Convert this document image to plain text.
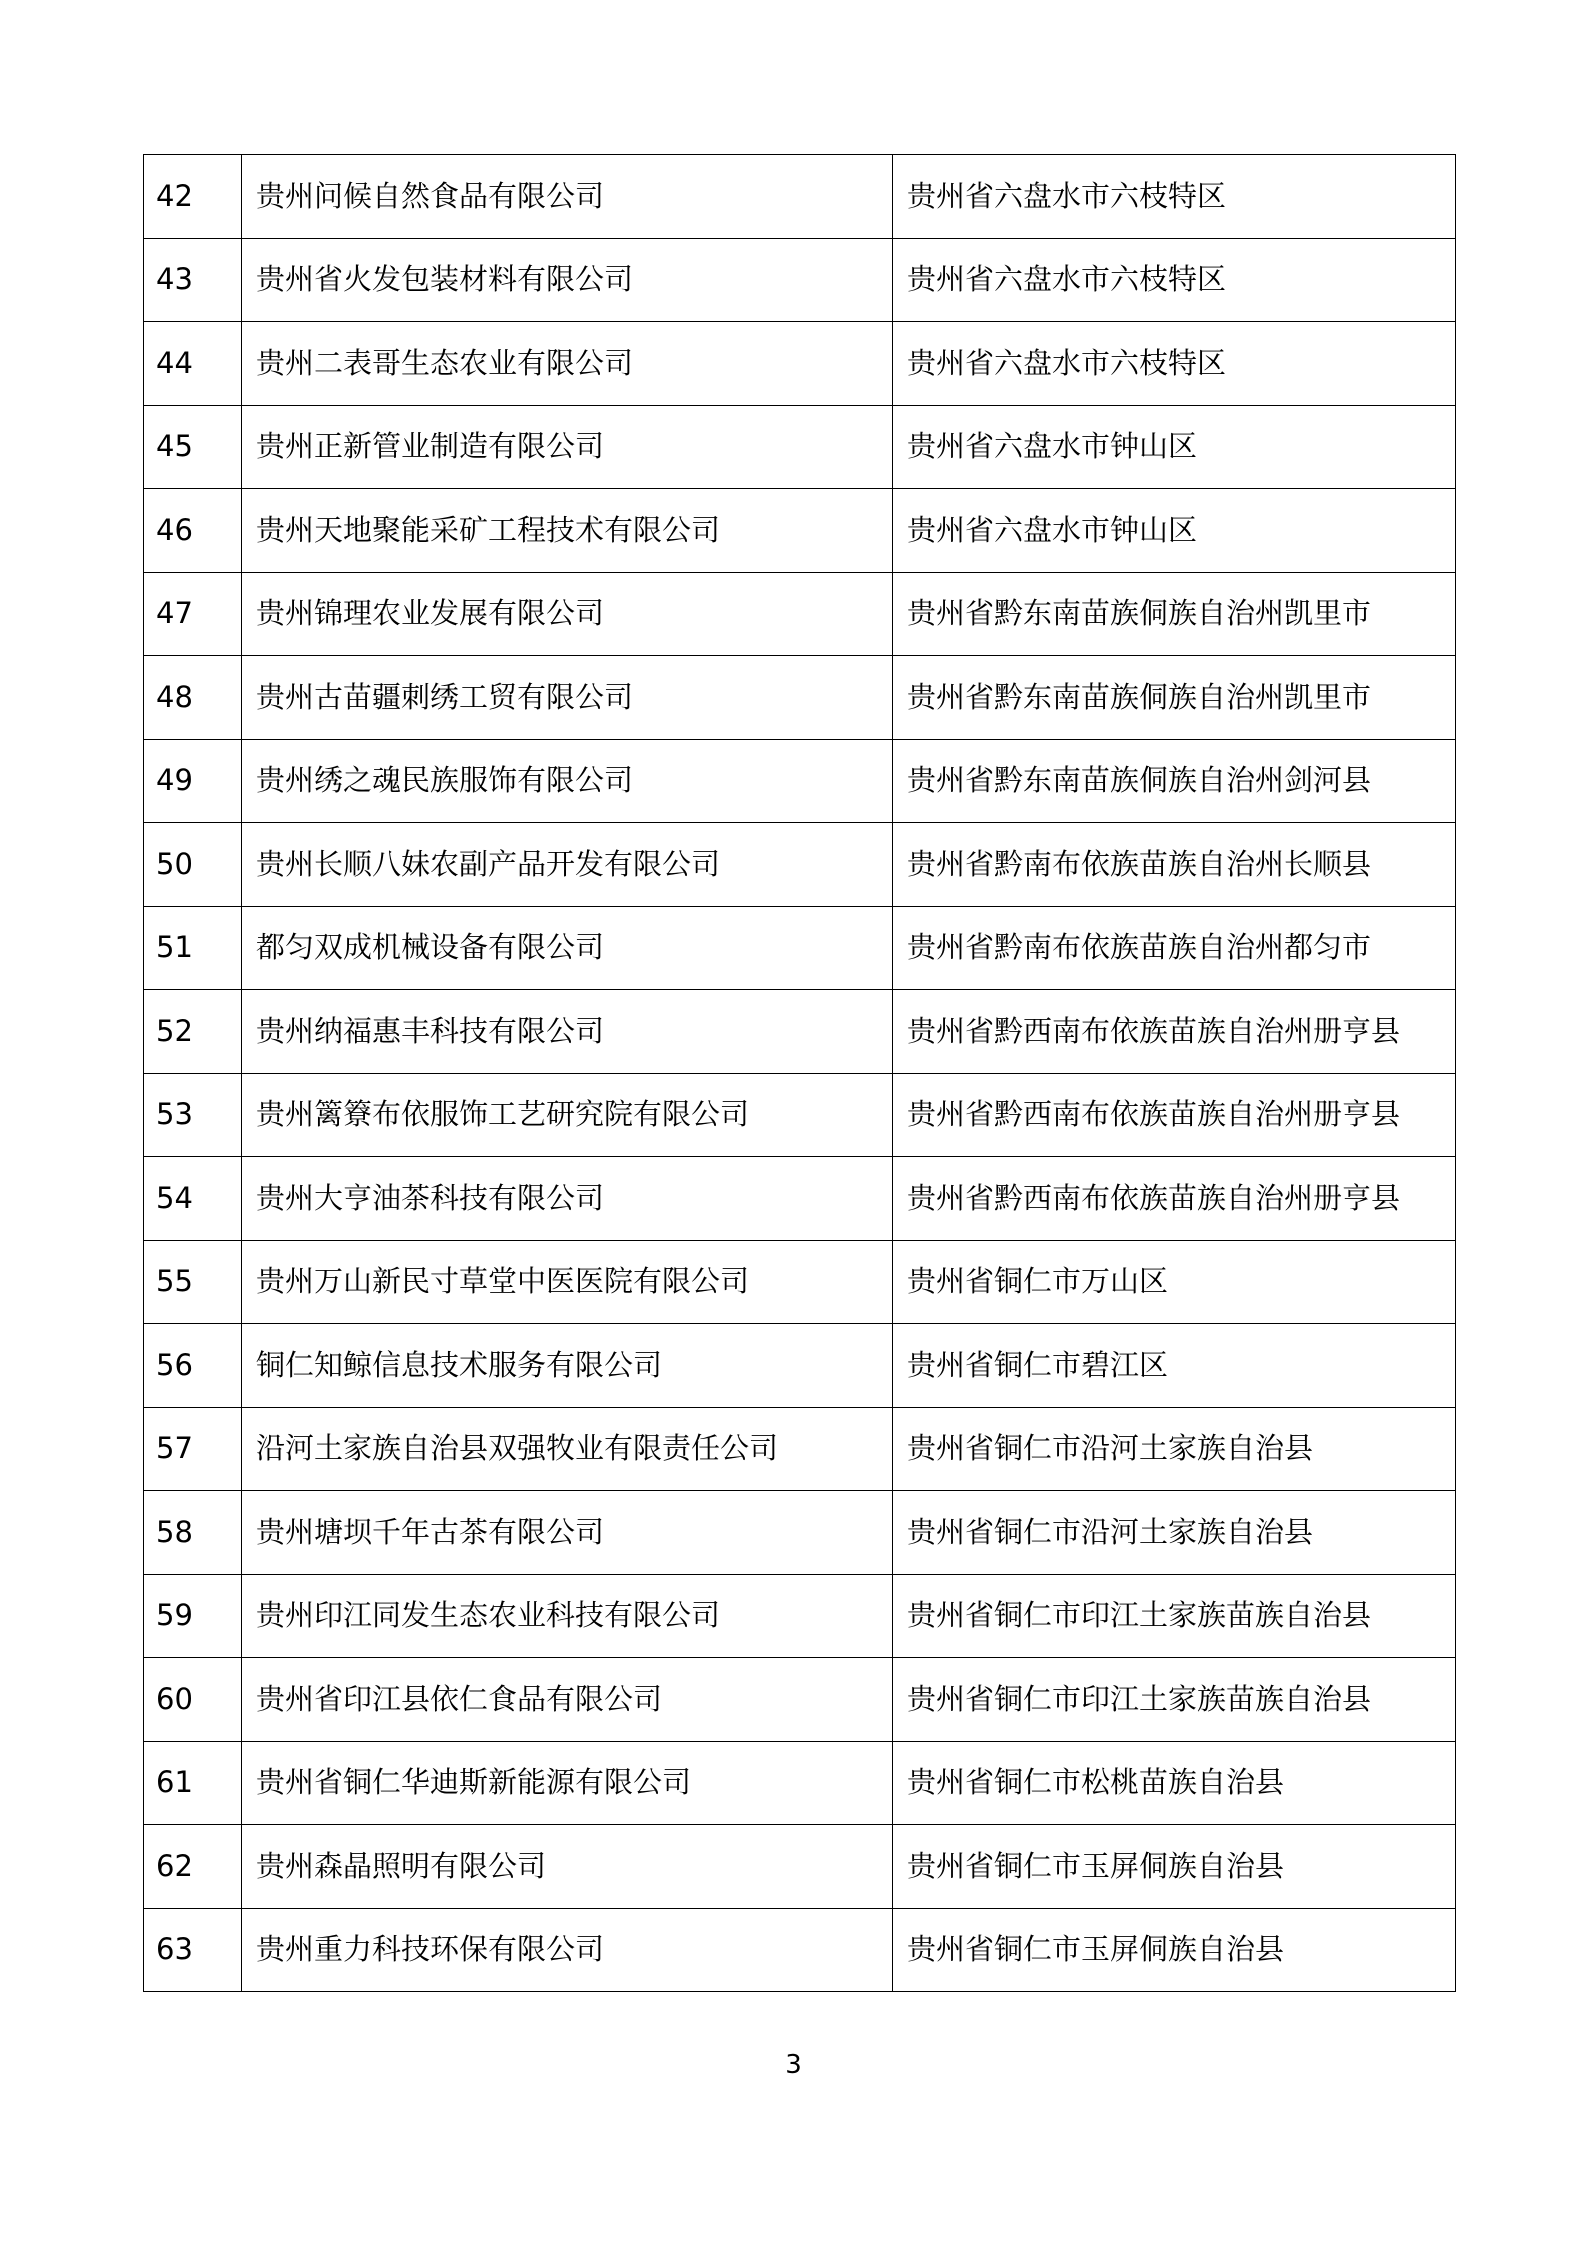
42	贵州问候自然食品有限公司	贵州省六盘水市六枝特区
43	贵州省火发包装材料有限公司	贵州省六盘水市六枝特区
44	贵州二表哥生态农业有限公司	贵州省六盘水市六枝特区
45	贵州正新管业制造有限公司	贵州省六盘水市钟山区
46	贵州天地聚能采矿工程技术有限公司	贵州省六盘水市钟山区
47	贵州锦理农业发展有限公司	贵州省黔东南苗族侗族自治州凯里市
48	贵州古苗疆刺绣工贸有限公司	贵州省黔东南苗族侗族自治州凯里市
49	贵州绣之魂民族服饰有限公司	贵州省黔东南苗族侗族自治州剑河县
50	贵州长顺八妹农副产品开发有限公司	贵州省黔南布依族苗族自治州长顺县
51	都匀双成机械设备有限公司	贵州省黔南布依族苗族自治州都匀市
52	贵州纳福惠丰科技有限公司	贵州省黔西南布依族苗族自治州册亨县
53	贵州篱簝布依服饰工艺研究院有限公司	贵州省黔西南布依族苗族自治州册亨县
54	贵州大亨油茶科技有限公司	贵州省黔西南布依族苗族自治州册亨县
55	贵州万山新民寸草堂中医医院有限公司	贵州省铜仁市万山区
56	铜仁知鲸信息技术服务有限公司	贵州省铜仁市碧江区
57	沿河土家族自治县双强牧业有限责任公司	贵州省铜仁市沿河土家族自治县
58	贵州塘坝千年古茶有限公司	贵州省铜仁市沿河土家族自治县
59	贵州印江同发生态农业科技有限公司	贵州省铜仁市印江土家族苗族自治县
60	贵州省印江县依仁食品有限公司	贵州省铜仁市印江土家族苗族自治县
61	贵州省铜仁华迪斯新能源有限公司	贵州省铜仁市松桃苗族自治县
62	贵州森晶照明有限公司	贵州省铜仁市玉屏侗族自治县
63	贵州重力科技环保有限公司	贵州省铜仁市玉屏侗族自治县
3
